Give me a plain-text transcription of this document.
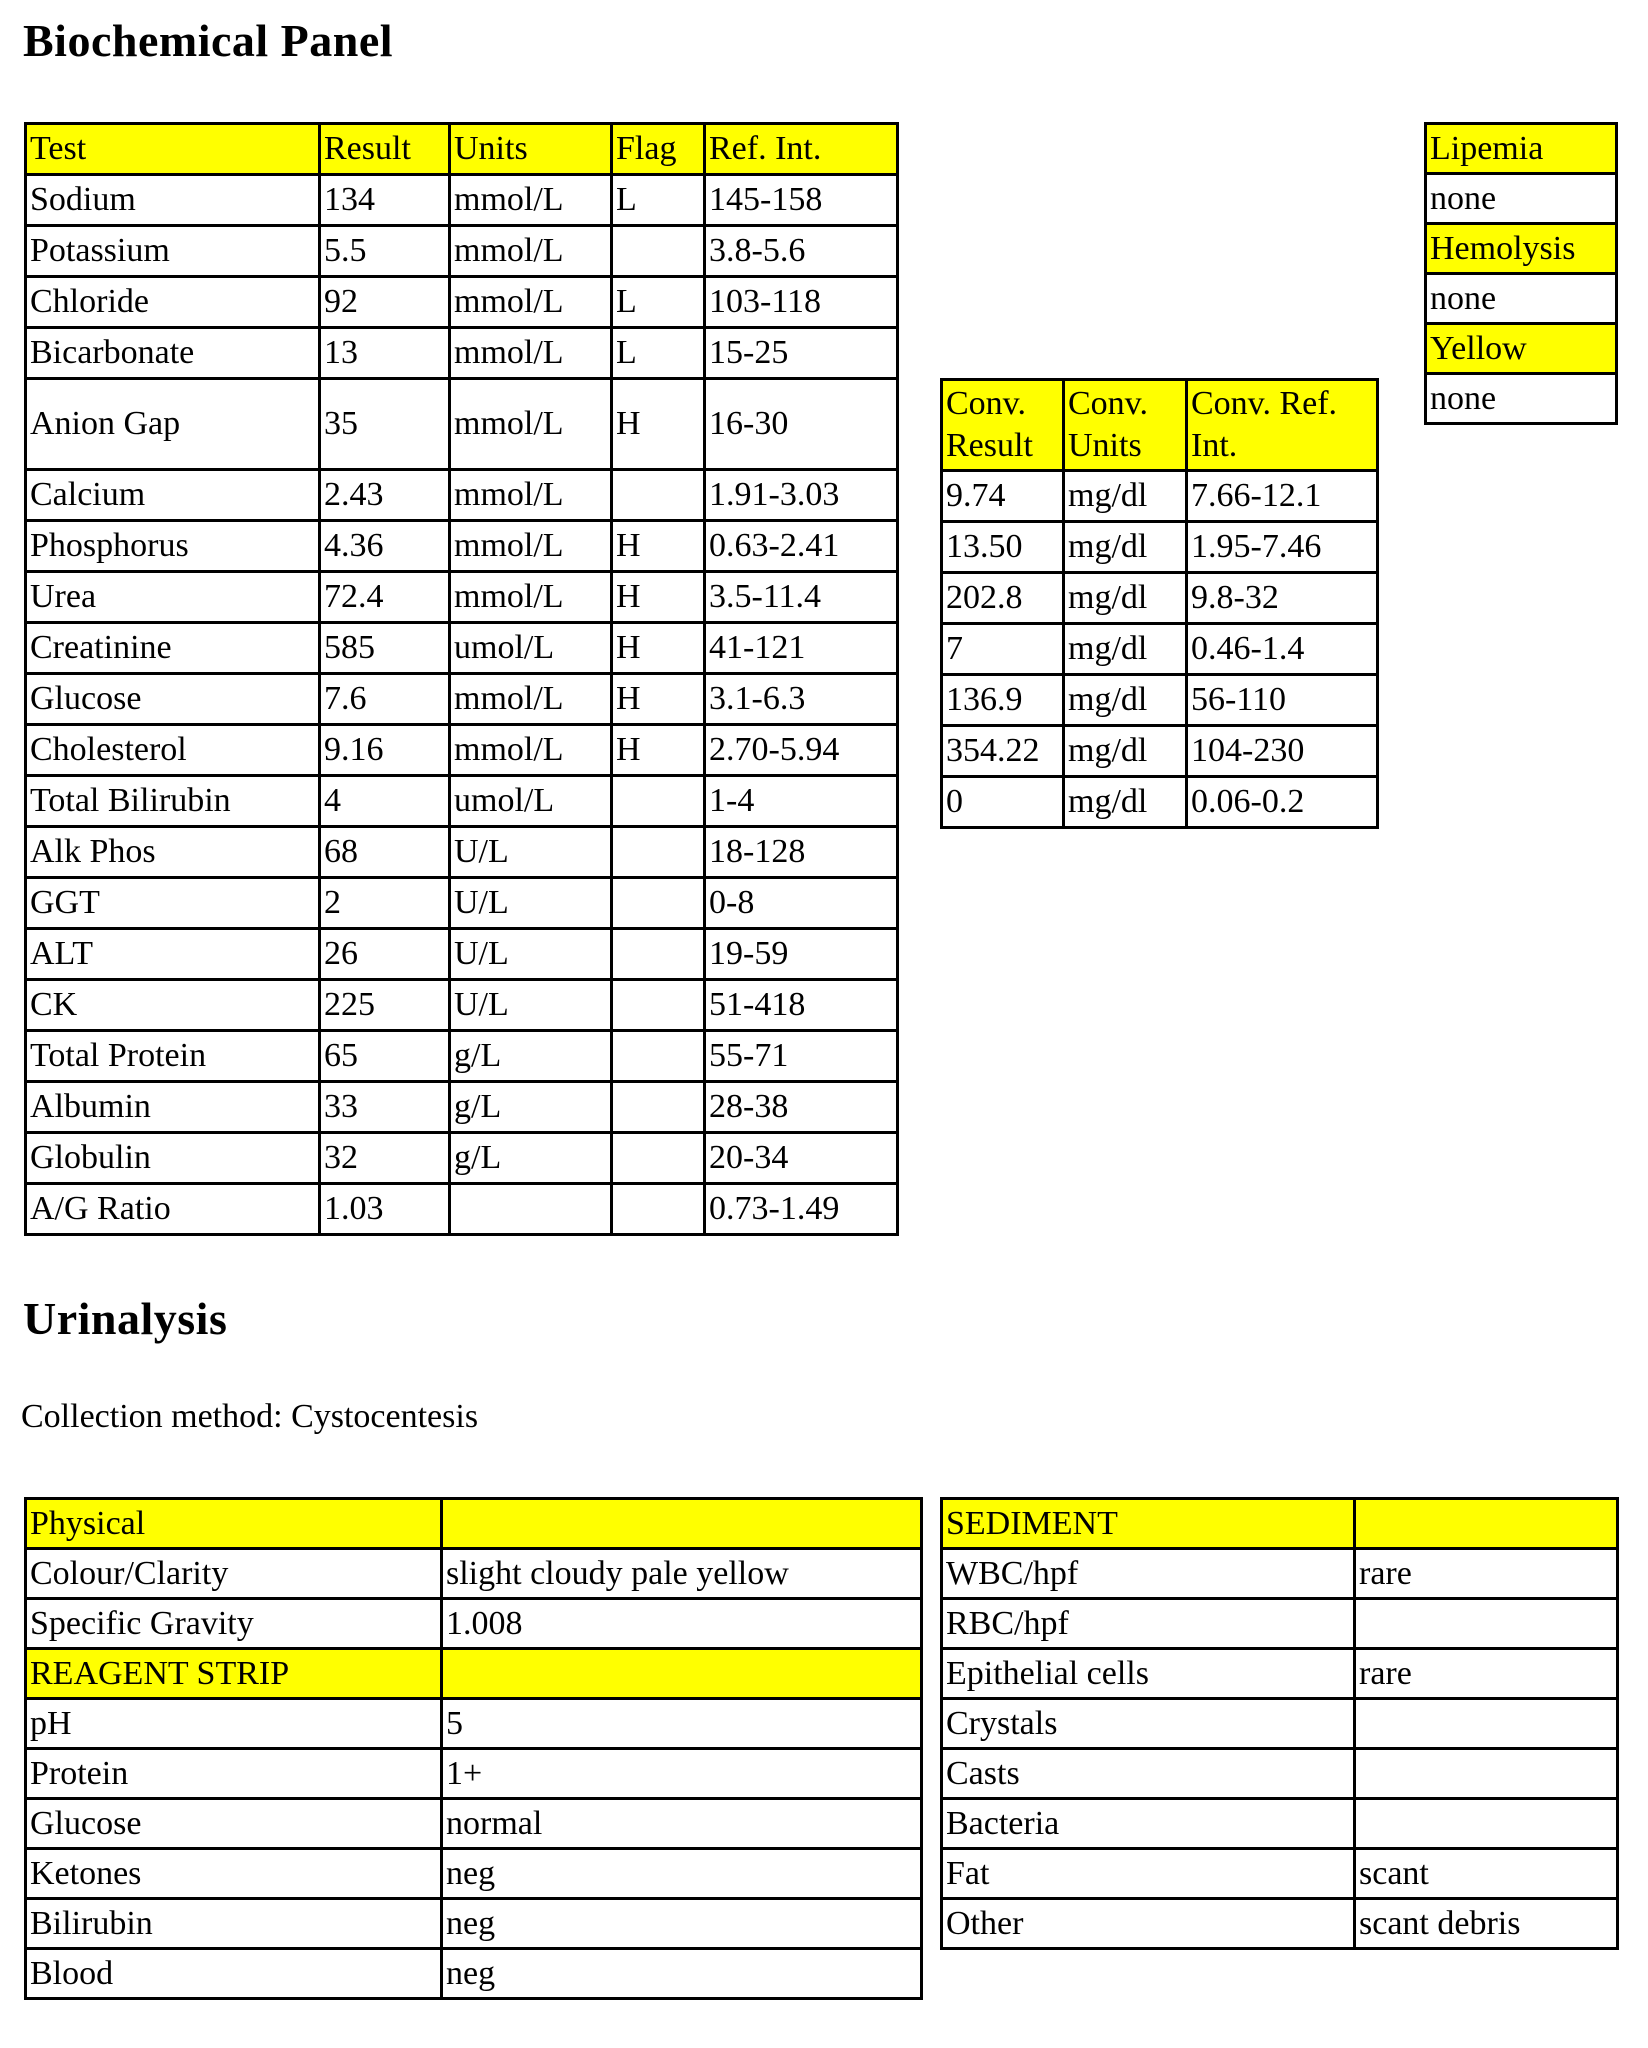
Biochemical Panel
Test	Result	Units	Flag	Ref. Int.
Sodium	134	mmol/L	L	145-158
Potassium	5.5	mmol/L		3.8-5.6
Chloride	92	mmol/L	L	103-118
Bicarbonate	13	mmol/L	L	15-25
Anion Gap	35	mmol/L	H	16-30
Calcium	2.43	mmol/L		1.91-3.03
Phosphorus	4.36	mmol/L	H	0.63-2.41
Urea	72.4	mmol/L	H	3.5-11.4
Creatinine	585	umol/L	H	41-121
Glucose	7.6	mmol/L	H	3.1-6.3
Cholesterol	9.16	mmol/L	H	2.70-5.94
Total Bilirubin	4	umol/L		1-4
Alk Phos	68	U/L		18-128
GGT	2	U/L		0-8
ALT	26	U/L		19-59
CK	225	U/L		51-418
Total Protein	65	g/L		55-71
Albumin	33	g/L		28-38
Globulin	32	g/L		20-34
A/G Ratio	1.03			0.73-1.49
Conv. Result	Conv. Units	Conv. Ref. Int.
9.74	mg/dl	7.66-12.1
13.50	mg/dl	1.95-7.46
202.8	mg/dl	9.8-32
7	mg/dl	0.46-1.4
136.9	mg/dl	56-110
354.22	mg/dl	104-230
0	mg/dl	0.06-0.2
Lipemia
none
Hemolysis
none
Yellow
none
Urinalysis
Collection method: Cystocentesis
Physical	
Colour/Clarity	slight cloudy pale yellow
Specific Gravity	1.008
REAGENT STRIP	
pH	5
Protein	1+
Glucose	normal
Ketones	neg
Bilirubin	neg
Blood	neg
SEDIMENT	
WBC/hpf	rare
RBC/hpf	
Epithelial cells	rare
Crystals	
Casts	
Bacteria	
Fat	scant
Other	scant debris
